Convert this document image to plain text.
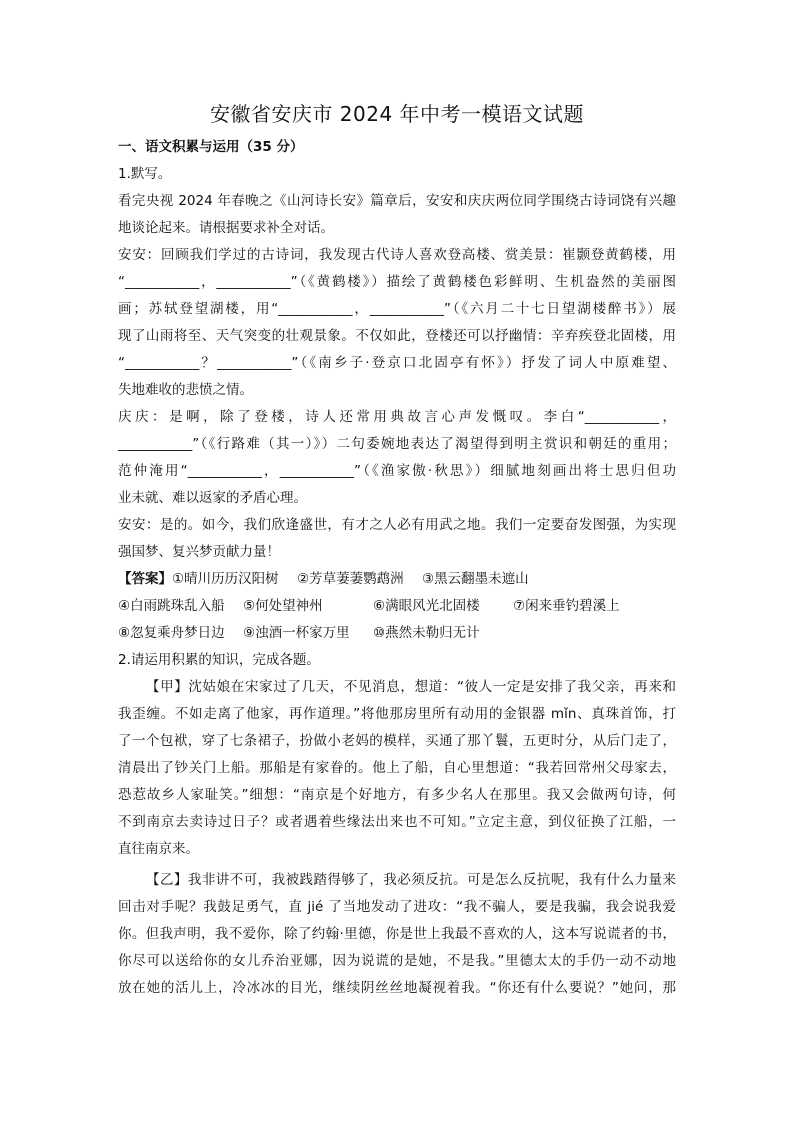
安徽省安庆市 2024 年中考一模语文试题
一、语文积累与运用（35 分）
1.默写。
看完央视 2024 年春晚之《山河诗长安》篇章后，安安和庆庆两位同学围绕古诗词饶有兴趣
地谈论起来。请根据要求补全对话。
安安：回顾我们学过的古诗词，我发现古代诗人喜欢登高楼、赏美景：崔颢登黄鹤楼，用
“___________，___________”（《黄鹤楼》）描绘了黄鹤楼色彩鲜明、生机盎然的美丽图
画；苏轼登望湖楼，用“___________，___________”（《六月二十七日望湖楼醉书》）展
现了山雨将至、天气突变的壮观景象。不仅如此，登楼还可以抒幽情：辛弃疾登北固楼，用
“___________？___________”（《南乡子·登京口北固亭有怀》）抒发了词人中原难望、
失地难收的悲愤之情。
庆庆：是啊，除了登楼，诗人还常用典故言心声发慨叹。李白“___________，
___________”（《行路难（其一）》）二句委婉地表达了渴望得到明主赏识和朝廷的重用；
范仲淹用“___________，___________”（《渔家傲·秋思》）细腻地刻画出将士思归但功
业未就、难以返家的矛盾心理。
安安：是的。如今，我们欣逢盛世，有才之人必有用武之地。我们一定要奋发图强，为实现
强国梦、复兴梦贡献力量！
【答案】 ①晴川历历汉阳树	②芳草萋萋鹦鹉洲	③黑云翻墨未遮山
④白雨跳珠乱入船	⑤何处望神州	⑥满眼风光北固楼	⑦闲来垂钓碧溪上
⑧忽复乘舟梦日边	⑨浊酒一杯家万里	⑩燕然未勒归无计
2.请运用积累的知识，完成各题。
【甲】沈姑娘在宋家过了几天，不见消息，想道：“彼人一定是安排了我父亲，再来和
我歪缠。不如走离了他家，再作道理。”将他那房里所有动用的金银器 mǐn、真珠首饰，打
了一个包袱，穿了七条裙子，扮做小老妈的模样，买通了那丫鬟，五更时分，从后门走了，
清晨出了钞关门上船。那船是有家眷的。他上了船，自心里想道：“我若回常州父母家去，
恐惹故乡人家耻笑。”细想：“南京是个好地方，有多少名人在那里。我又会做两句诗，何
不到南京去卖诗过日子？或者遇着些缘法出来也不可知。”立定主意，到仪征换了江船，一
直往南京来。
【乙】我非讲不可，我被践踏得够了，我必须反抗。可是怎么反抗呢，我有什么力量来
回击对手呢？我鼓足勇气，直 jié 了当地发动了进攻：“我不骗人，要是我骗，我会说我爱
你。但我声明，我不爱你，除了约翰·里德，你是世上我最不喜欢的人，这本写说谎者的书，
你尽可以送给你的女儿乔治亚娜，因为说谎的是她，不是我。”里德太太的手仍一动不动地
放在她的活儿上，冷冰冰的目光，继续阴丝丝地凝视着我。“你还有什么要说？”她问，那
